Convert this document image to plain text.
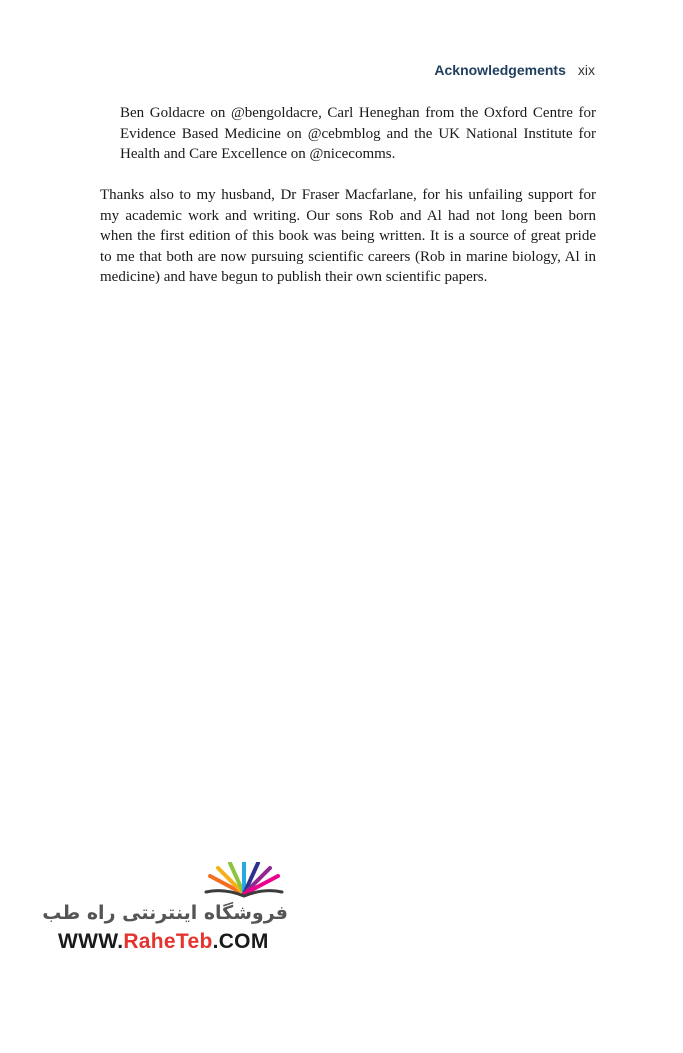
Acknowledgements xix

Ben Goldacre on @bengoldacre, Carl Heneghan from the Oxford Centre for Evidence Based Medicine on @cebmblog and the UK National Institute for Health and Care Excellence on @nicecomms.

Thanks also to my husband, Dr Fraser Macfarlane, for his unfailing support for my academic work and writing. Our sons Rob and Al had not long been born when the first edition of this book was being written. It is a source of great pride to me that both are now pursuing scientific careers (Rob in marine biology, Al in medicine) and have begun to publish their own scientific papers.

فروشگاه اینترنتی راه طب
WWW.RaheTeb.COM
